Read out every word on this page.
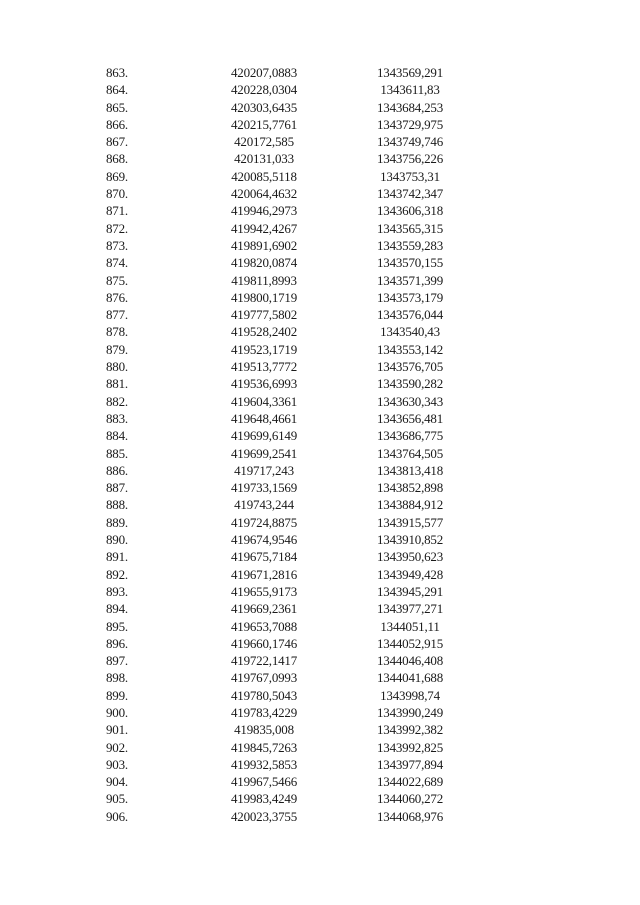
863.	420207,0883	1343569,291
864.	420228,0304	1343611,83
865.	420303,6435	1343684,253
866.	420215,7761	1343729,975
867.	420172,585	1343749,746
868.	420131,033	1343756,226
869.	420085,5118	1343753,31
870.	420064,4632	1343742,347
871.	419946,2973	1343606,318
872.	419942,4267	1343565,315
873.	419891,6902	1343559,283
874.	419820,0874	1343570,155
875.	419811,8993	1343571,399
876.	419800,1719	1343573,179
877.	419777,5802	1343576,044
878.	419528,2402	1343540,43
879.	419523,1719	1343553,142
880.	419513,7772	1343576,705
881.	419536,6993	1343590,282
882.	419604,3361	1343630,343
883.	419648,4661	1343656,481
884.	419699,6149	1343686,775
885.	419699,2541	1343764,505
886.	419717,243	1343813,418
887.	419733,1569	1343852,898
888.	419743,244	1343884,912
889.	419724,8875	1343915,577
890.	419674,9546	1343910,852
891.	419675,7184	1343950,623
892.	419671,2816	1343949,428
893.	419655,9173	1343945,291
894.	419669,2361	1343977,271
895.	419653,7088	1344051,11
896.	419660,1746	1344052,915
897.	419722,1417	1344046,408
898.	419767,0993	1344041,688
899.	419780,5043	1343998,74
900.	419783,4229	1343990,249
901.	419835,008	1343992,382
902.	419845,7263	1343992,825
903.	419932,5853	1343977,894
904.	419967,5466	1344022,689
905.	419983,4249	1344060,272
906.	420023,3755	1344068,976
